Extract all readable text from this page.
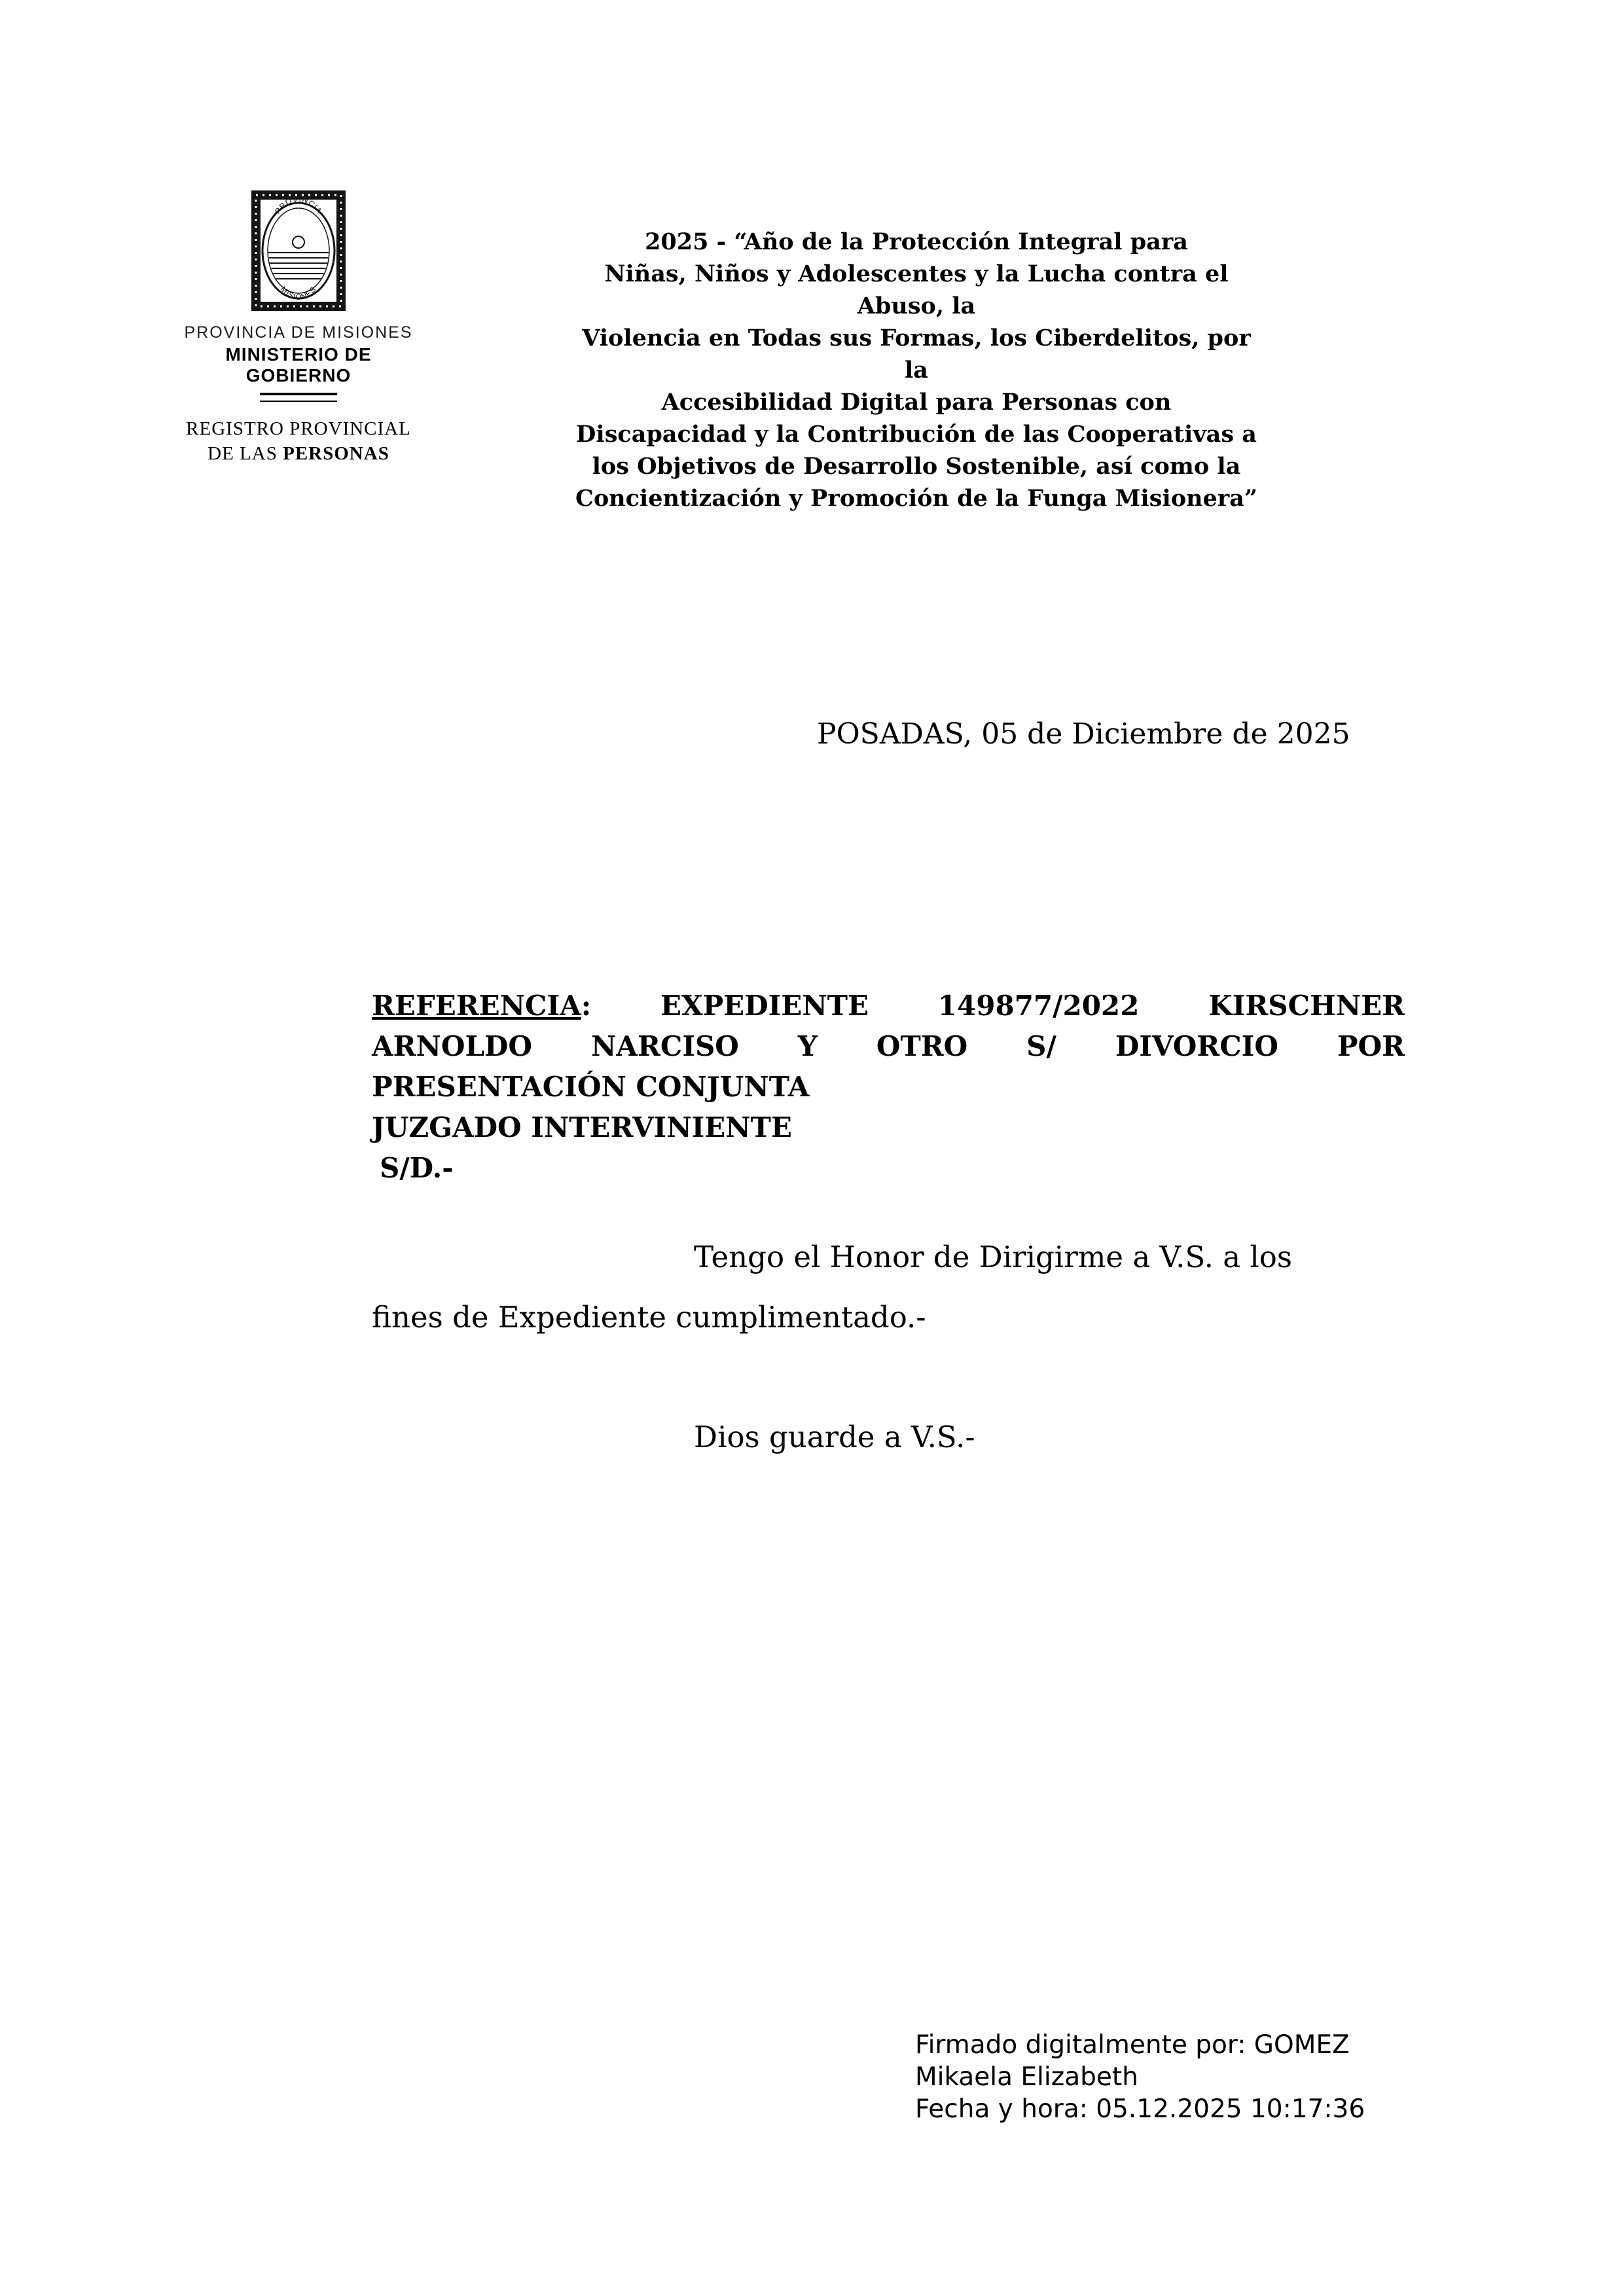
PROVINCIA
MISIONES
PROVINCIA DE MISIONES
MINISTERIO DE GOBIERNO
REGISTRO PROVINCIAL
DE LAS PERSONAS
2025 - “Año de la Protección Integral para
Niñas, Niños y Adolescentes y la Lucha contra el
Abuso, la
Violencia en Todas sus Formas, los Ciberdelitos, por
la
Accesibilidad Digital para Personas con
Discapacidad y la Contribución de las Cooperativas a
los Objetivos de Desarrollo Sostenible, así como la
Concientización y Promoción de la Funga Misionera”
POSADAS, 05 de Diciembre de 2025
REFERENCIA: EXPEDIENTE 149877/2022 KIRSCHNER
ARNOLDO NARCISO Y OTRO S/ DIVORCIO POR
PRESENTACIÓN CONJUNTA
JUZGADO INTERVINIENTE
S/D.-
Tengo el Honor de Dirigirme a V.S. a los
fines de Expediente cumplimentado.-
Dios guarde a V.S.-
Firmado digitalmente por: GOMEZ
Mikaela Elizabeth
Fecha y hora: 05.12.2025 10:17:36
